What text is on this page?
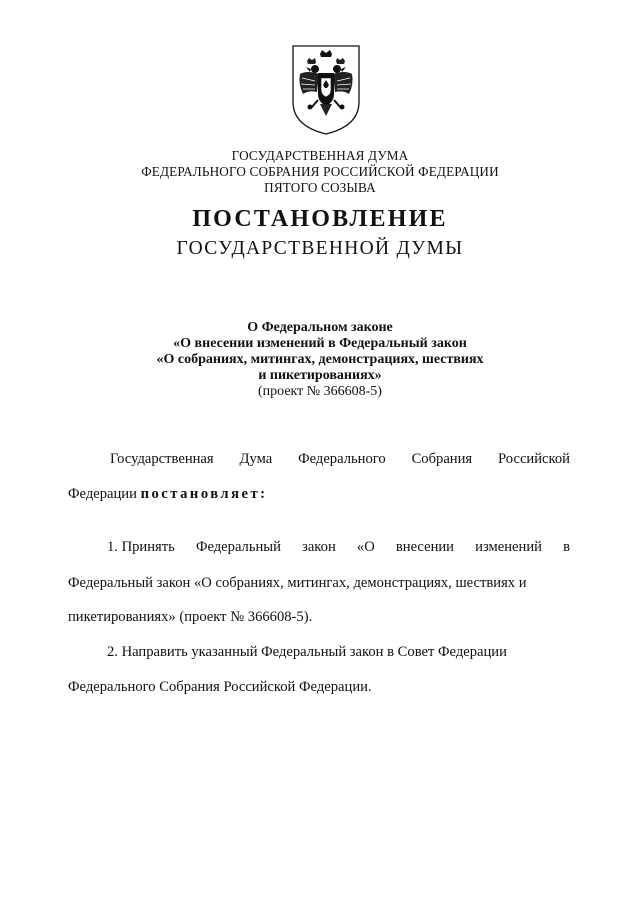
ГОСУДАРСТВЕННАЯ ДУМА
ФЕДЕРАЛЬНОГО СОБРАНИЯ РОССИЙСКОЙ ФЕДЕРАЦИИ
ПЯТОГО СОЗЫВА
ПОСТАНОВЛЕНИЕ
ГОСУДАРСТВЕННОЙ ДУМЫ
О Федеральном законе
«О внесении изменений в Федеральный закон
«О собраниях, митингах, демонстрациях, шествиях
и пикетированиях»
(проект № 366608-5)
Государственная Дума Федерального Собрания Российской
Федерации постановляет:
1. Принять Федеральный закон «О внесении изменений в
Федеральный закон «О собраниях, митингах, демонстрациях, шествиях и
пикетированиях» (проект № 366608-5).
2. Направить указанный Федеральный закон в Совет Федерации
Федерального Собрания Российской Федерации.
